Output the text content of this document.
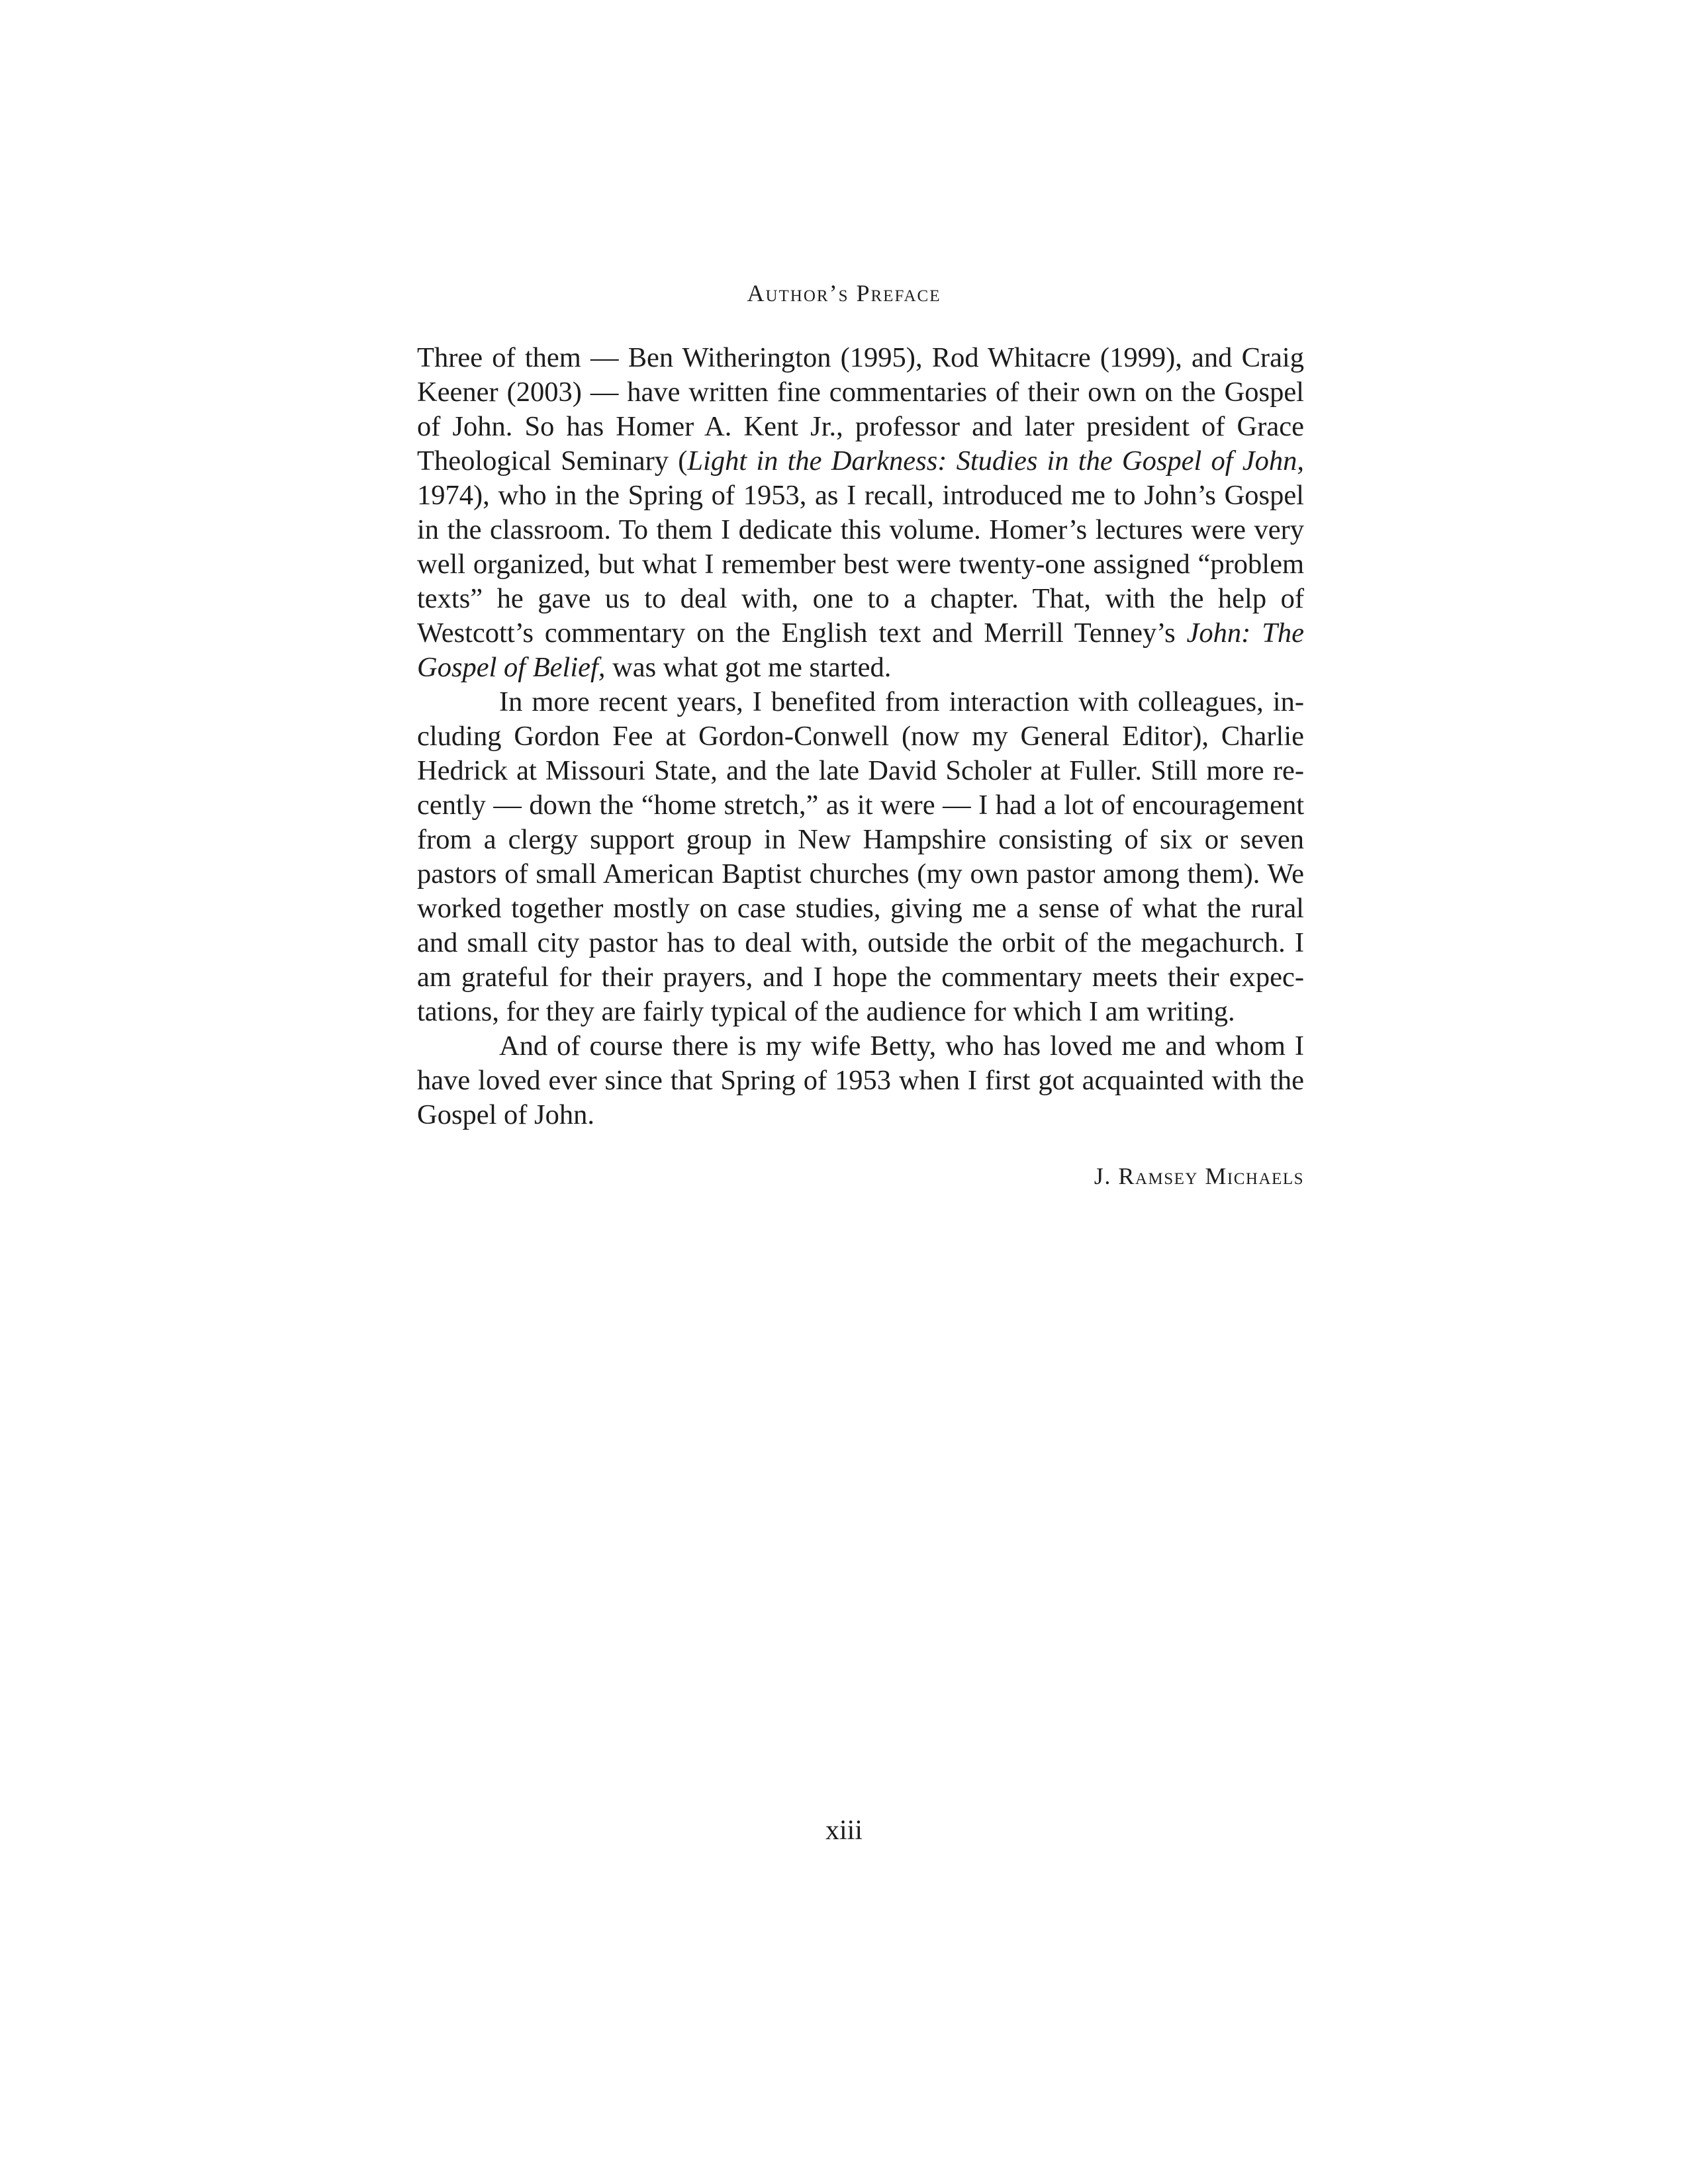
Author’s Preface

Three of them — Ben Witherington (1995), Rod Whitacre (1999), and Craig Keener (2003) — have written fine commentaries of their own on the Gospel of John. So has Homer A. Kent Jr., professor and later president of Grace Theological Seminary (Light in the Darkness: Studies in the Gospel of John, 1974), who in the Spring of 1953, as I recall, introduced me to John’s Gospel in the classroom. To them I dedicate this volume. Homer’s lectures were very well organized, but what I remember best were twenty-one assigned “problem texts” he gave us to deal with, one to a chapter. That, with the help of Westcott’s commentary on the English text and Merrill Tenney’s John: The Gospel of Belief, was what got me started.

In more recent years, I benefited from interaction with colleagues, including Gordon Fee at Gordon-Conwell (now my General Editor), Charlie Hedrick at Missouri State, and the late David Scholer at Fuller. Still more recently — down the “home stretch,” as it were — I had a lot of encouragement from a clergy support group in New Hampshire consisting of six or seven pastors of small American Baptist churches (my own pastor among them). We worked together mostly on case studies, giving me a sense of what the rural and small city pastor has to deal with, outside the orbit of the megachurch. I am grateful for their prayers, and I hope the commentary meets their expectations, for they are fairly typical of the audience for which I am writing.

And of course there is my wife Betty, who has loved me and whom I have loved ever since that Spring of 1953 when I first got acquainted with the Gospel of John.

J. Ramsey Michaels
xiii
